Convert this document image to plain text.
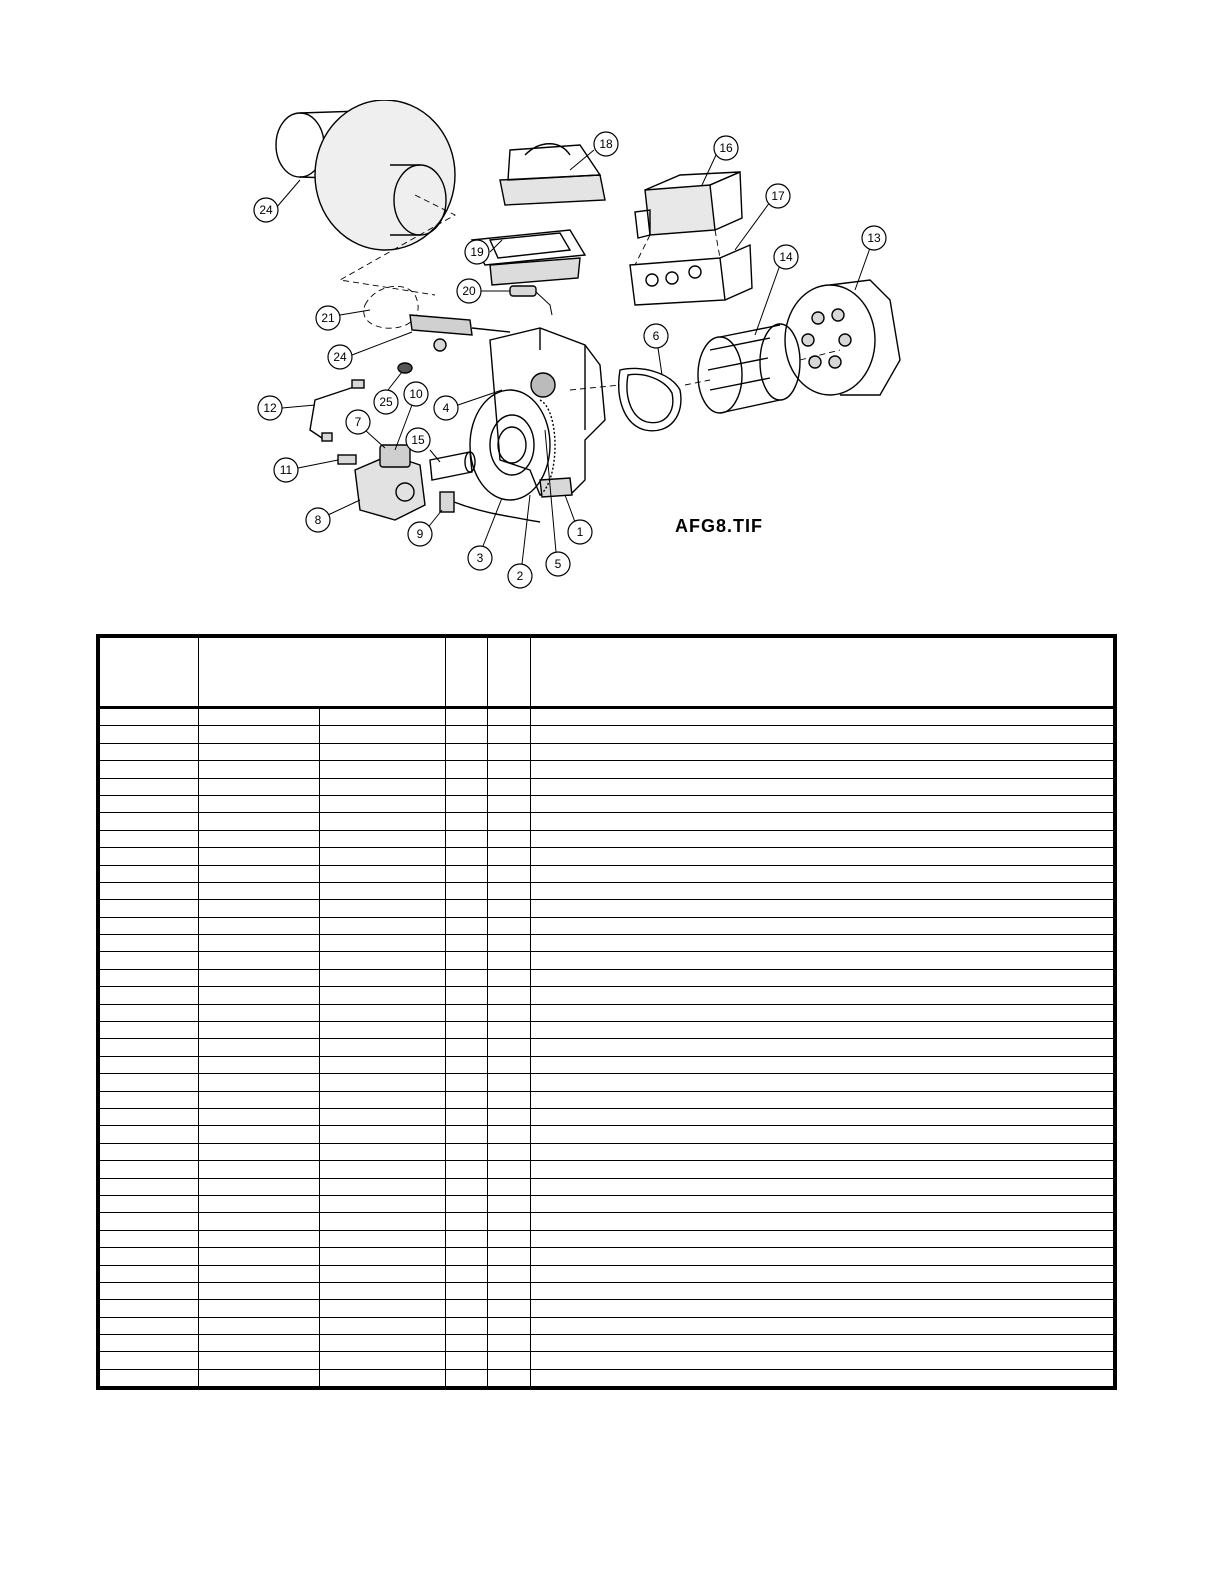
24
18	16
17
13
14
19
20
21
24
6
25
10
12	4
7
15
11
8
9	1
3	5
2
AFG8.TIF
